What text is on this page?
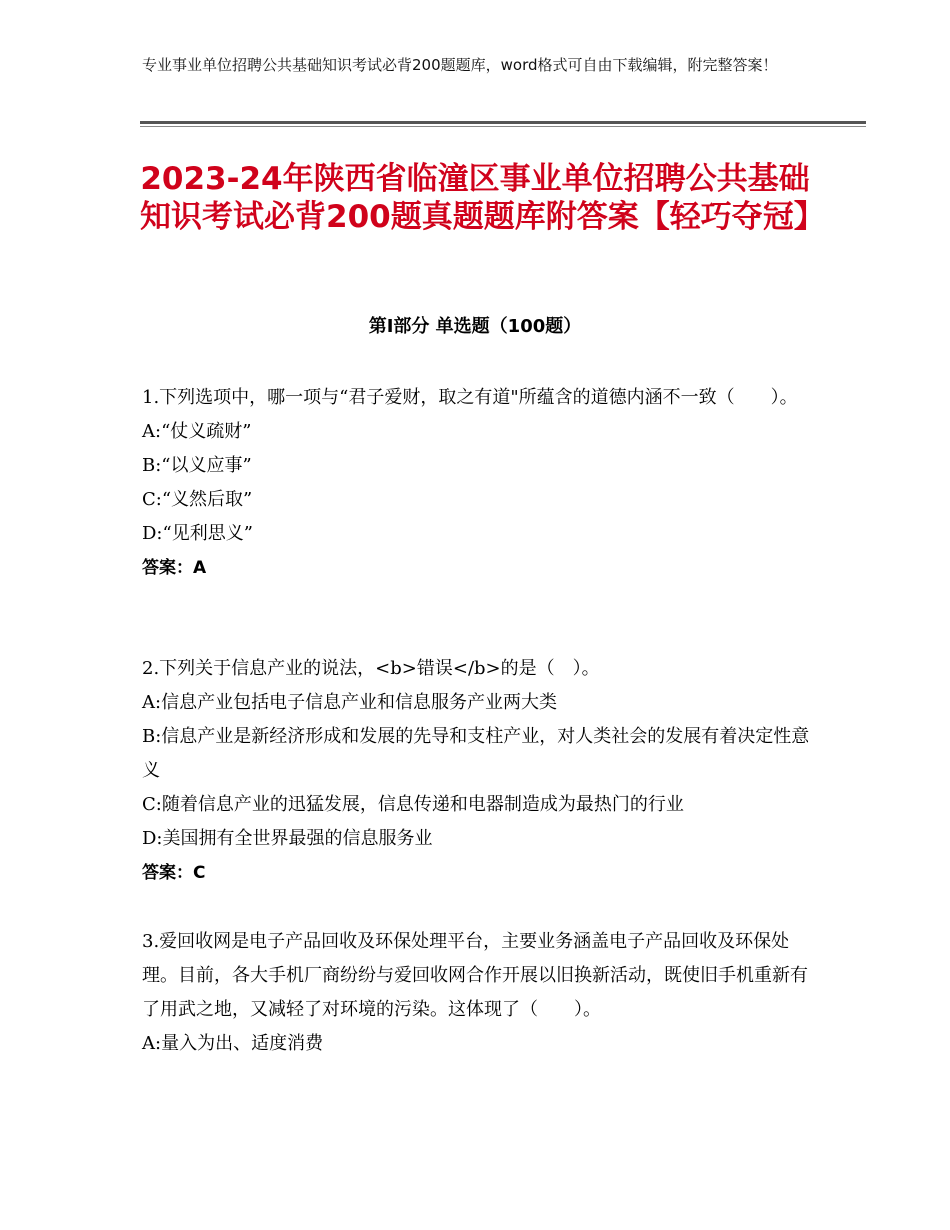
专业事业单位招聘公共基础知识考试必背200题题库，word格式可自由下载编辑，附完整答案！
2023-24年陕西省临潼区事业单位招聘公共基础知识考试必背200题真题题库附答案【轻巧夺冠】
第Ⅰ部分 单选题（100题）

1.下列选项中，哪一项与“君子爱财，取之有道"所蕴含的道德内涵不一致（　　）。

A:“仗义疏财”

B:“以义应事”

C:“义然后取”

D:“见利思义”

答案：A

2.下列关于信息产业的说法，<b>错误</b>的是（　）。

A:信息产业包括电子信息产业和信息服务产业两大类

B:信息产业是新经济形成和发展的先导和支柱产业，对人类社会的发展有着决定性意义

C:随着信息产业的迅猛发展，信息传递和电器制造成为最热门的行业

D:美国拥有全世界最强的信息服务业

答案：C

3.爱回收网是电子产品回收及环保处理平台，主要业务涵盖电子产品回收及环保处理。目前，各大手机厂商纷纷与爱回收网合作开展以旧换新活动，既使旧手机重新有了用武之地，又减轻了对环境的污染。这体现了（　　）。

A:量入为出、适度消费
